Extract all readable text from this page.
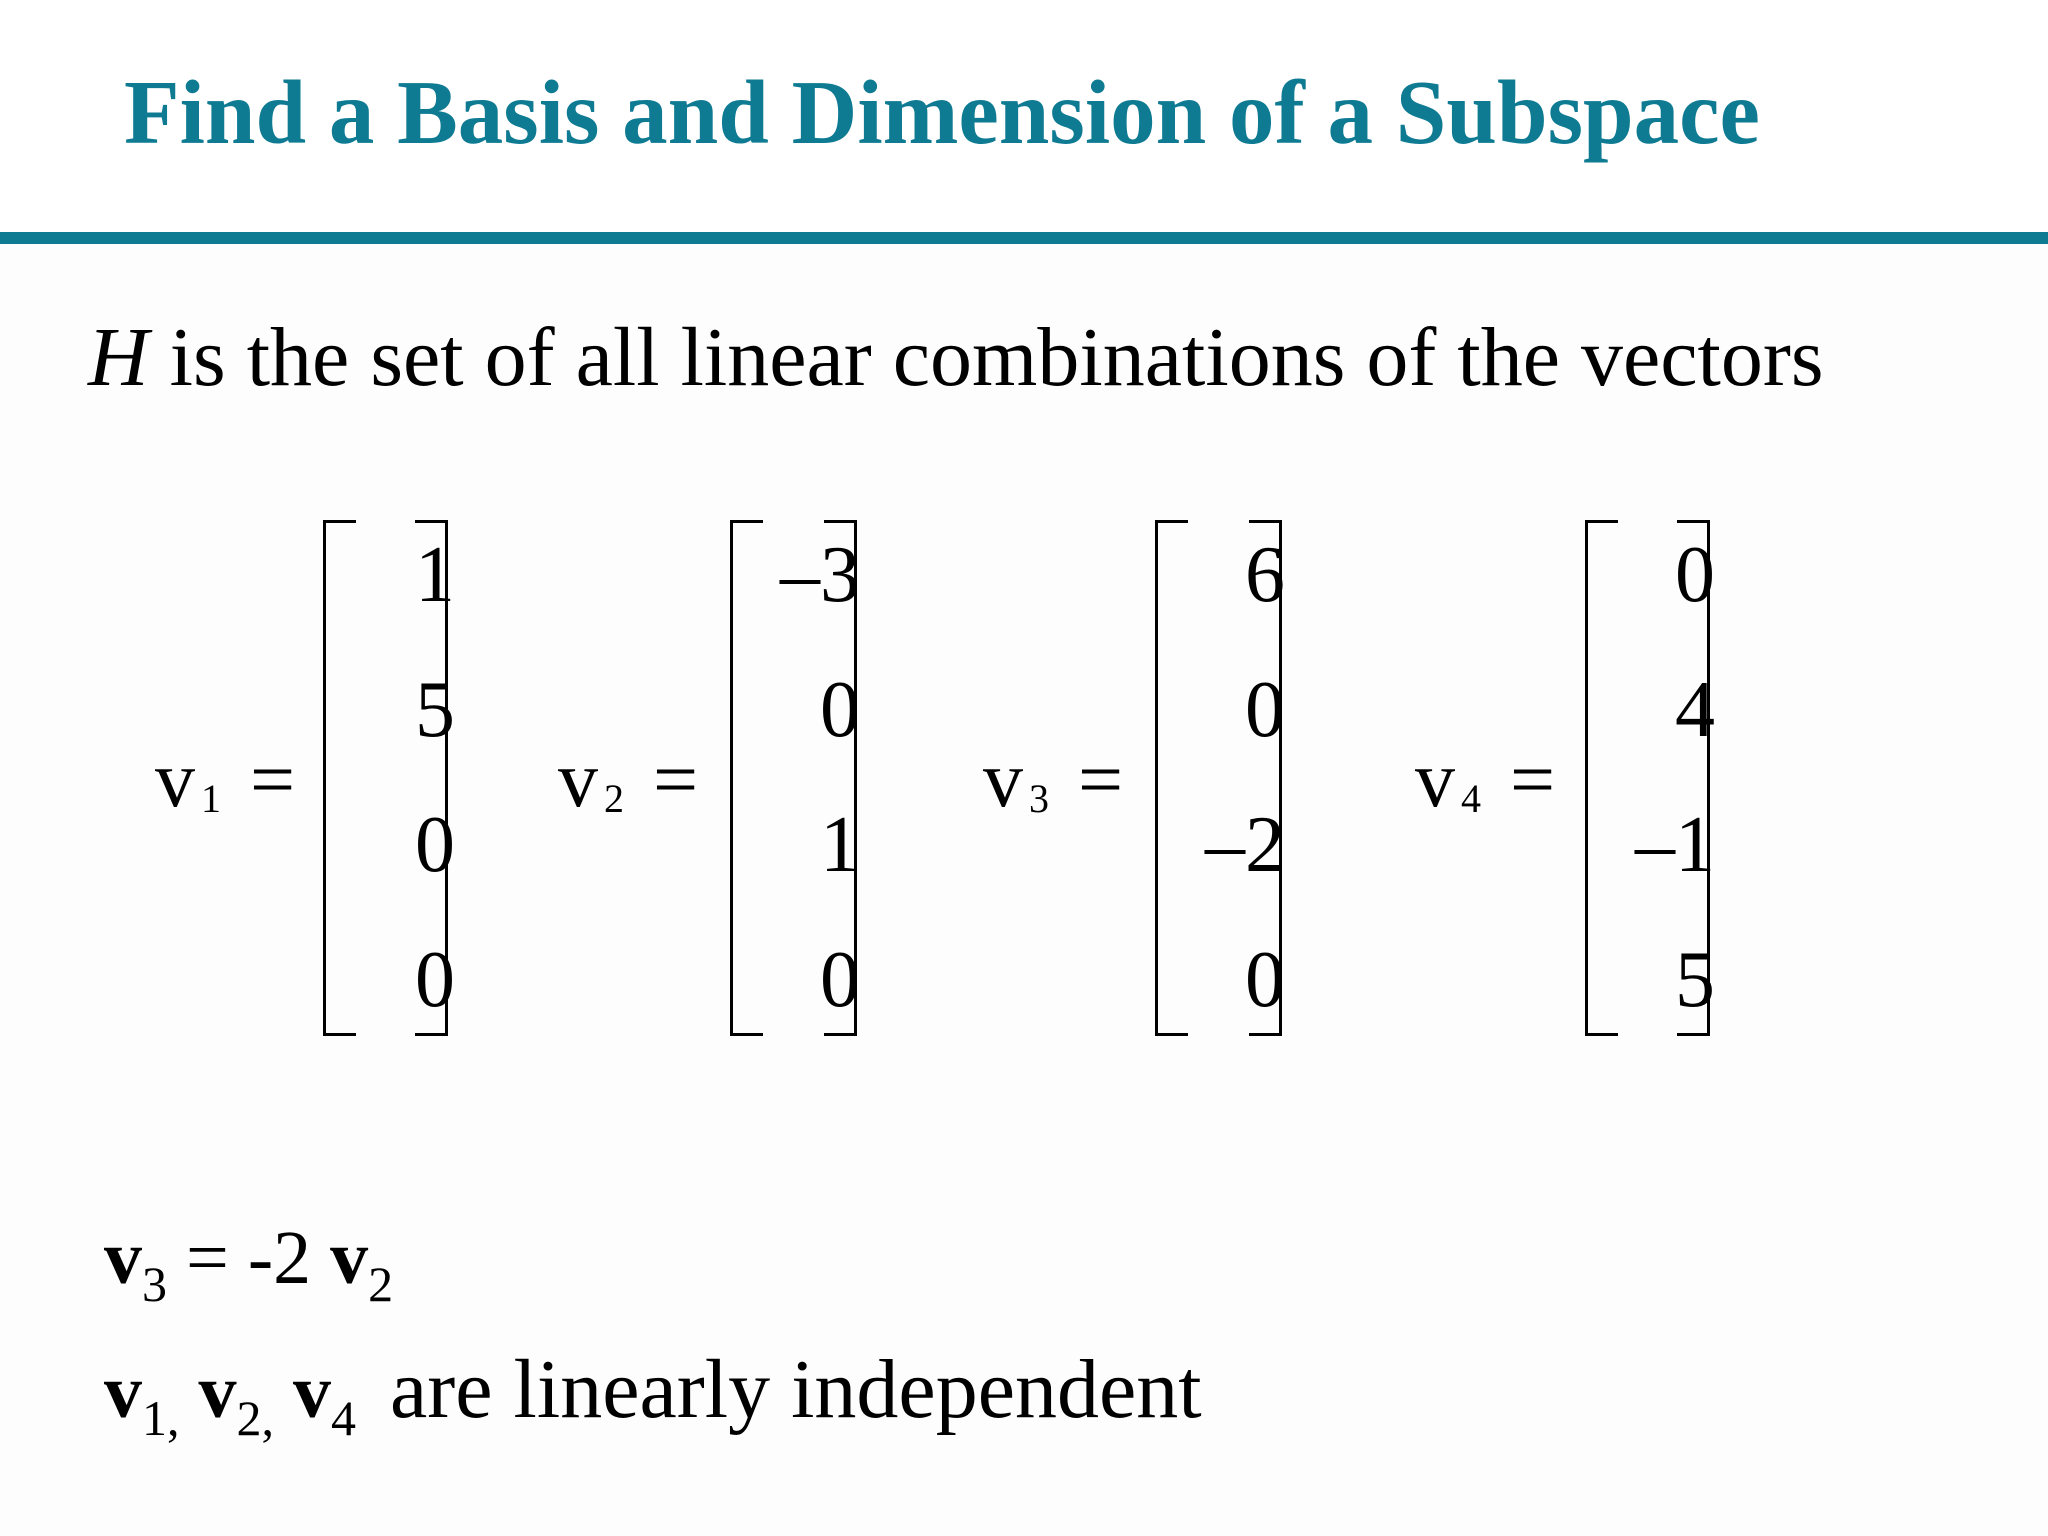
Find a Basis and Dimension of a Subspace
H is the set of all linear combinations of the vectors
v $_1$ =
1
5
0
0
v $_2$ =
–3
0
1
0
v $_3$ =
6
0
–2
0
v $_4$ =
0
4
–1
5
$v_3 = -2$ $v_2$
$v_{1,}$ $v_{2,}$ $v_4$ are linearly independent
